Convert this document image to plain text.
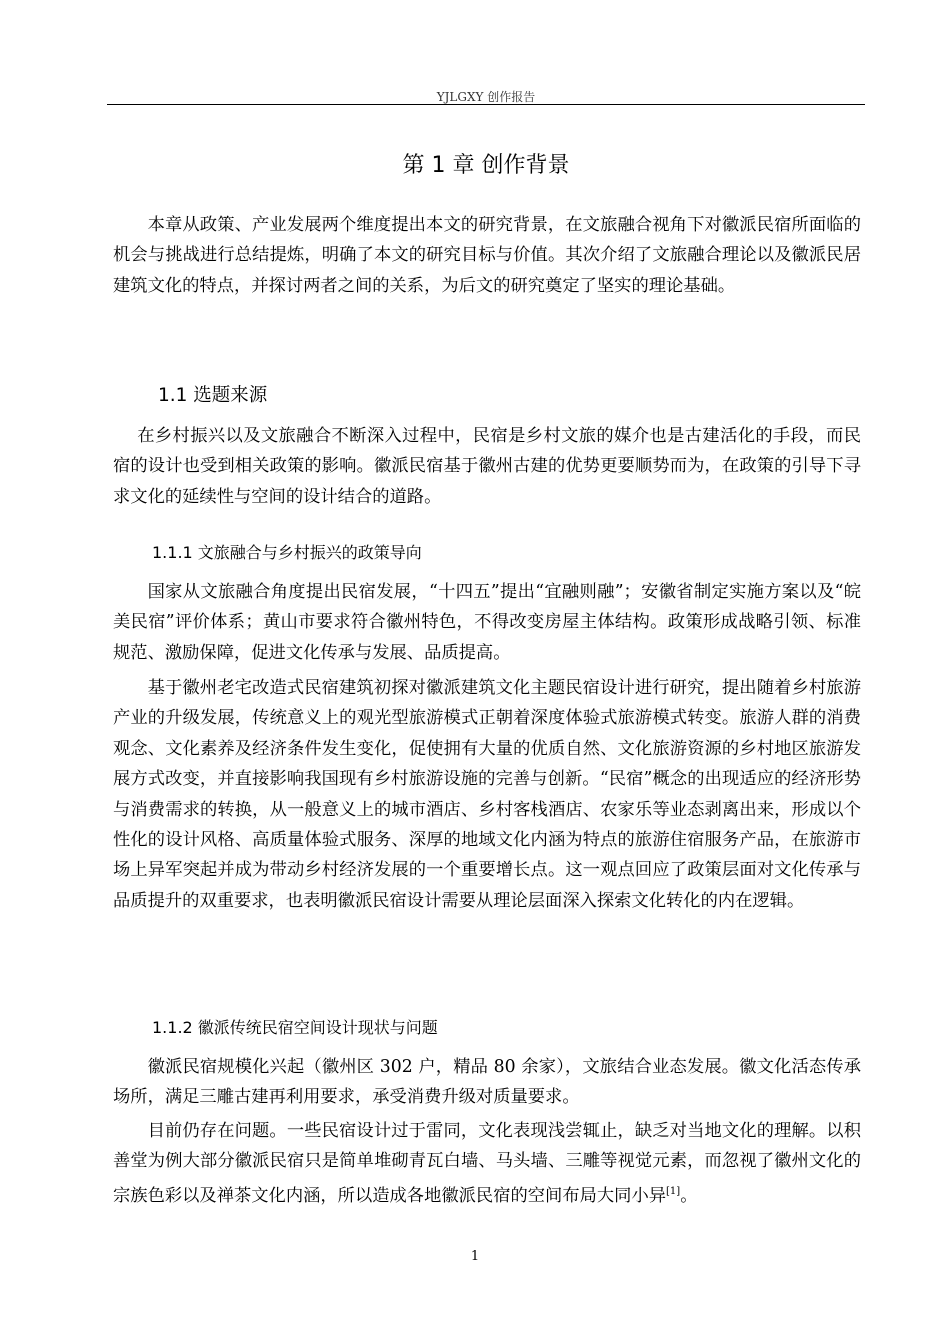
YJLGXY 创作报告
第 1 章 创作背景

本章从政策、产业发展两个维度提出本文的研究背景，在文旅融合视角下对徽派民宿所面临的机会与挑战进行总结提炼，明确了本文的研究目标与价值。其次介绍了文旅融合理论以及徽派民居建筑文化的特点，并探讨两者之间的关系，为后文的研究奠定了坚实的理论基础。

1.1 选题来源

在乡村振兴以及文旅融合不断深入过程中，民宿是乡村文旅的媒介也是古建活化的手段，而民宿的设计也受到相关政策的影响。徽派民宿基于徽州古建的优势更要顺势而为，在政策的引导下寻求文化的延续性与空间的设计结合的道路。

1.1.1 文旅融合与乡村振兴的政策导向

国家从文旅融合角度提出民宿发展，“十四五”提出“宜融则融”；安徽省制定实施方案以及“皖美民宿”评价体系；黄山市要求符合徽州特色，不得改变房屋主体结构。政策形成战略引领、标准规范、激励保障，促进文化传承与发展、品质提高。

基于徽州老宅改造式民宿建筑初探对徽派建筑文化主题民宿设计进行研究，提出随着乡村旅游产业的升级发展，传统意义上的观光型旅游模式正朝着深度体验式旅游模式转变。旅游人群的消费观念、文化素养及经济条件发生变化，促使拥有大量的优质自然、文化旅游资源的乡村地区旅游发展方式改变，并直接影响我国现有乡村旅游设施的完善与创新。“民宿”概念的出现适应的经济形势与消费需求的转换，从一般意义上的城市酒店、乡村客栈酒店、农家乐等业态剥离出来，形成以个性化的设计风格、高质量体验式服务、深厚的地域文化内涵为特点的旅游住宿服务产品，在旅游市场上异军突起并成为带动乡村经济发展的一个重要增长点。这一观点回应了政策层面对文化传承与品质提升的双重要求，也表明徽派民宿设计需要从理论层面深入探索文化转化的内在逻辑。

1.1.2 徽派传统民宿空间设计现状与问题

徽派民宿规模化兴起（徽州区 302 户，精品 80 余家），文旅结合业态发展。徽文化活态传承场所，满足三雕古建再利用要求，承受消费升级对质量要求。

目前仍存在问题。一些民宿设计过于雷同，文化表现浅尝辄止，缺乏对当地文化的理解。以积善堂为例大部分徽派民宿只是简单堆砌青瓦白墙、马头墙、三雕等视觉元素，而忽视了徽州文化的宗族色彩以及禅茶文化内涵，所以造成各地徽派民宿的空间布局大同小异[1]。

1
